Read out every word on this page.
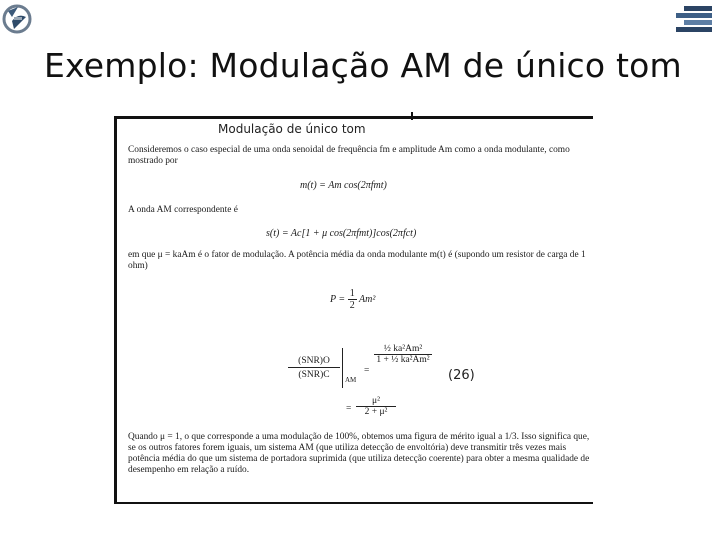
Exemplo: Modulação AM de único tom
Modulação de único tom
Consideremos o caso especial de uma onda senoidal de frequência fm e amplitude Am como a onda modulante, como mostrado por
m(t) = Am cos(2πfmt)
A onda AM correspondente é
s(t) = Ac[1 + μ cos(2πfmt)]cos(2πfct)
em que μ = kaAm é o fator de modulação. A potência média da onda modulante m(t) é (supondo um resistor de carga de 1 ohm)
$P = \frac{1}{2} Am^2$
(SNR)O
(SNR)C	AM
=
$\frac{\text{½ ka²Am²}}{\text{1 + ½ ka²Am²}}$
= $\frac{\text{μ²}}{\text{2 + μ²}}$
(26)
Quando μ = 1, o que corresponde a uma modulação de 100%, obtemos uma figura de mérito igual a 1/3. Isso significa que, se os outros fatores forem iguais, um sistema AM (que utiliza detecção de envoltória) deve transmitir três vezes mais potência média do que um sistema de portadora suprimida (que utiliza detecção coerente) para obter a mesma qualidade de desempenho em relação a ruído.
